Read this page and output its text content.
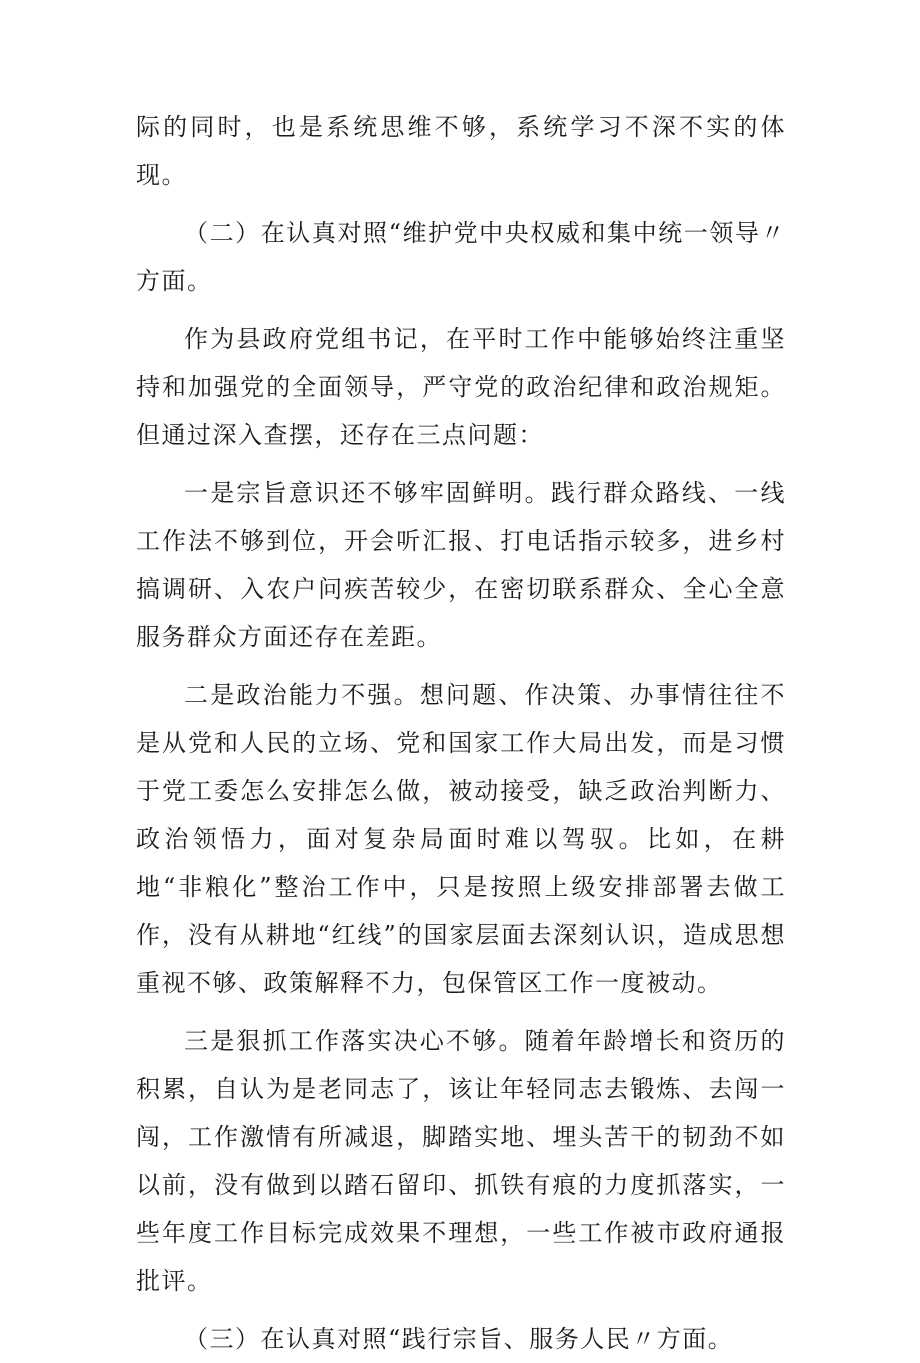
际的同时，也是系统思维不够，系统学习不深不实的体现。

（二）在认真对照“维护党中央权威和集中统一领导〃方面。

作为县政府党组书记，在平时工作中能够始终注重坚持和加强党的全面领导，严守党的政治纪律和政治规矩。但通过深入查摆，还存在三点问题：

一是宗旨意识还不够牢固鲜明。践行群众路线、一线工作法不够到位，开会听汇报、打电话指示较多，进乡村搞调研、入农户问疾苦较少，在密切联系群众、全心全意服务群众方面还存在差距。

二是政治能力不强。想问题、作决策、办事情往往不是从党和人民的立场、党和国家工作大局出发，而是习惯于党工委怎么安排怎么做，被动接受，缺乏政治判断力、政治领悟力，面对复杂局面时难以驾驭。比如，在耕地“非粮化”整治工作中，只是按照上级安排部署去做工作，没有从耕地“红线”的国家层面去深刻认识，造成思想重视不够、政策解释不力，包保管区工作一度被动。

三是狠抓工作落实决心不够。随着年龄增长和资历的积累，自认为是老同志了，该让年轻同志去锻炼、去闯一闯，工作激情有所减退，脚踏实地、埋头苦干的韧劲不如以前，没有做到以踏石留印、抓铁有痕的力度抓落实，一些年度工作目标完成效果不理想，一些工作被市政府通报批评。

（三）在认真对照“践行宗旨、服务人民〃方面。
